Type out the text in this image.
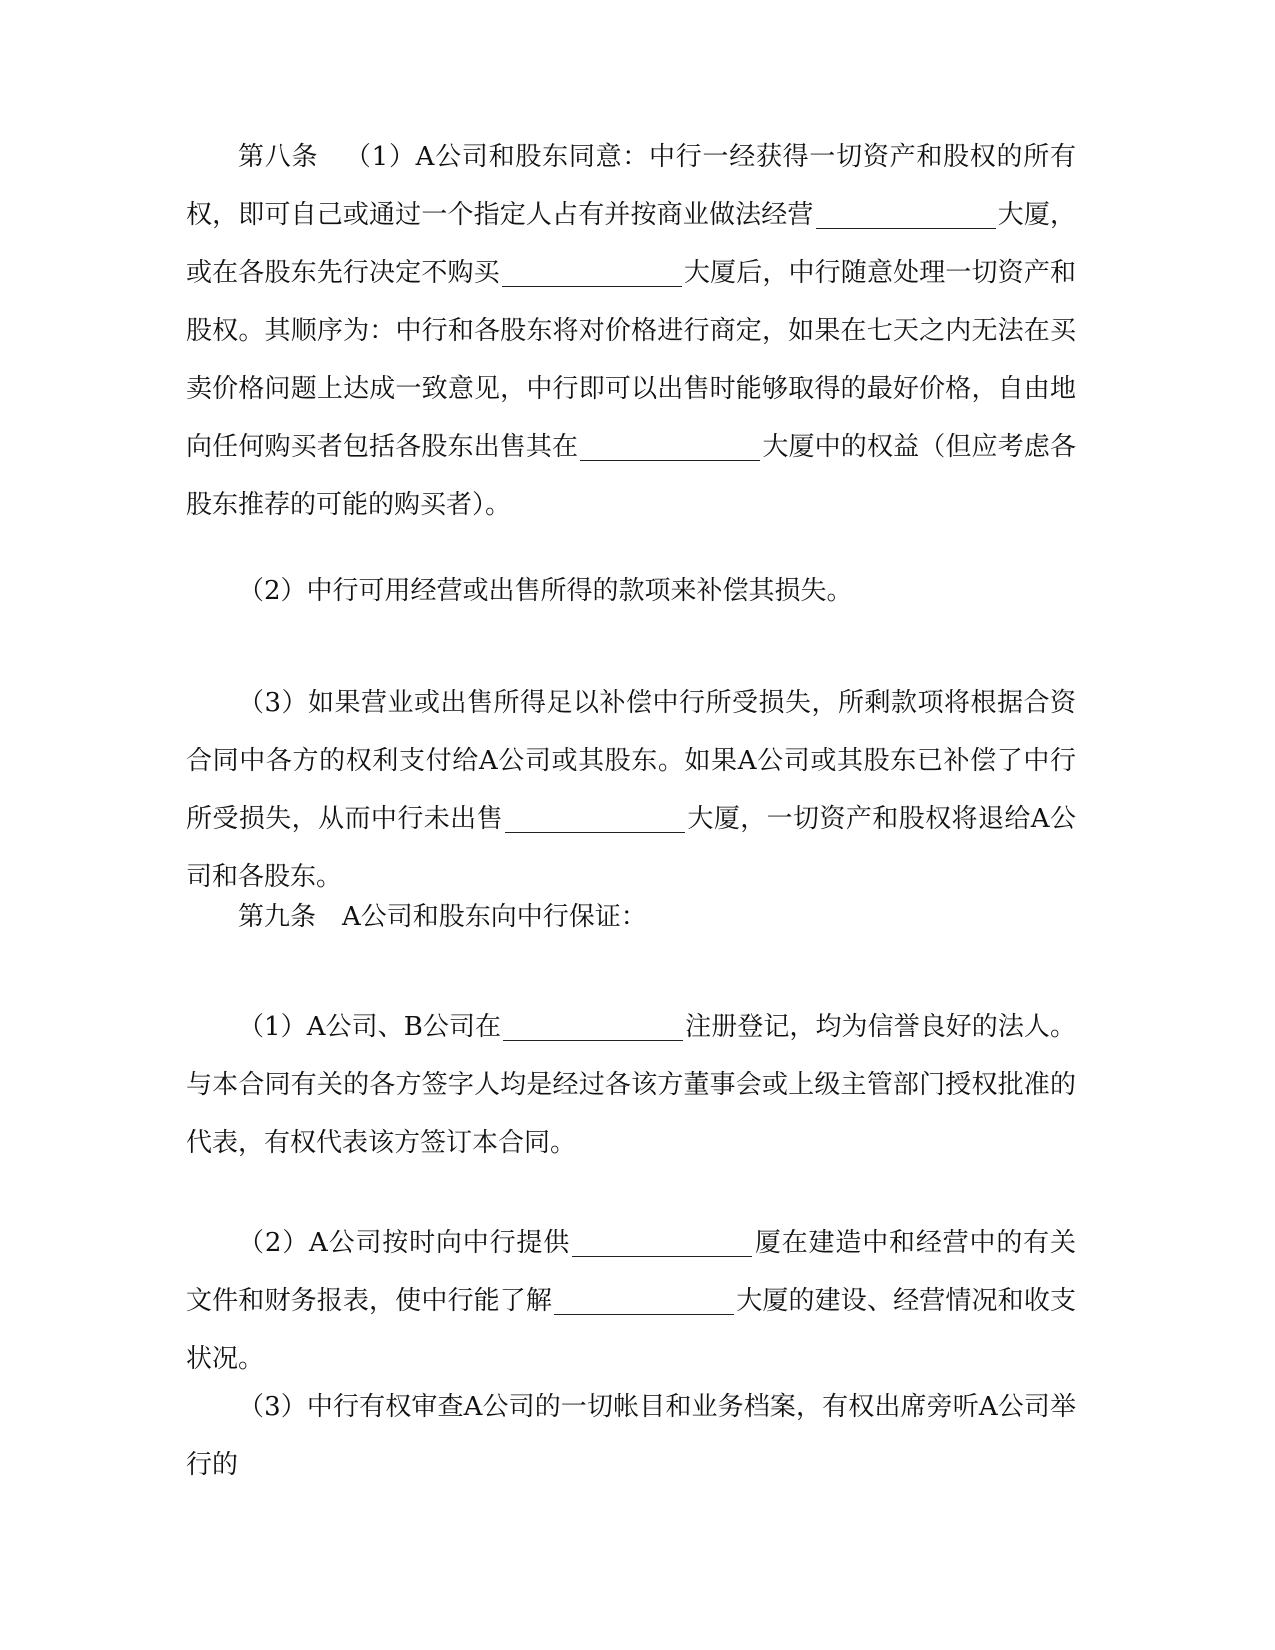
第八条 （1）A公司和股东同意：中行一经获得一切资产和股权的所有权，即可自己或通过一个指定人占有并按商业做法经营	大厦，或在各股东先行决定不购买	大厦后，中行随意处理一切资产和股权。其顺序为：中行和各股东将对价格进行商定，如果在七天之内无法在买卖价格问题上达成一致意见，中行即可以出售时能够取得的最好价格，自由地向任何购买者包括各股东出售其在	大厦中的权益（但应考虑各股东推荐的可能的购买者）。
（2）中行可用经营或出售所得的款项来补偿其损失。
（3）如果营业或出售所得足以补偿中行所受损失，所剩款项将根据合资合同中各方的权利支付给A公司或其股东。如果A公司或其股东已补偿了中行所受损失，从而中行未出售	大厦，一切资产和股权将退给A公司和各股东。
第九条 A公司和股东向中行保证：
（1）A公司、B公司在	注册登记，均为信誉良好的法人。与本合同有关的各方签字人均是经过各该方董事会或上级主管部门授权批准的代表，有权代表该方签订本合同。
（2）A公司按时向中行提供	厦在建造中和经营中的有关文件和财务报表，使中行能了解	大厦的建设、经营情况和收支状况。
（3）中行有权审查A公司的一切帐目和业务档案，有权出席旁听A公司举行的
